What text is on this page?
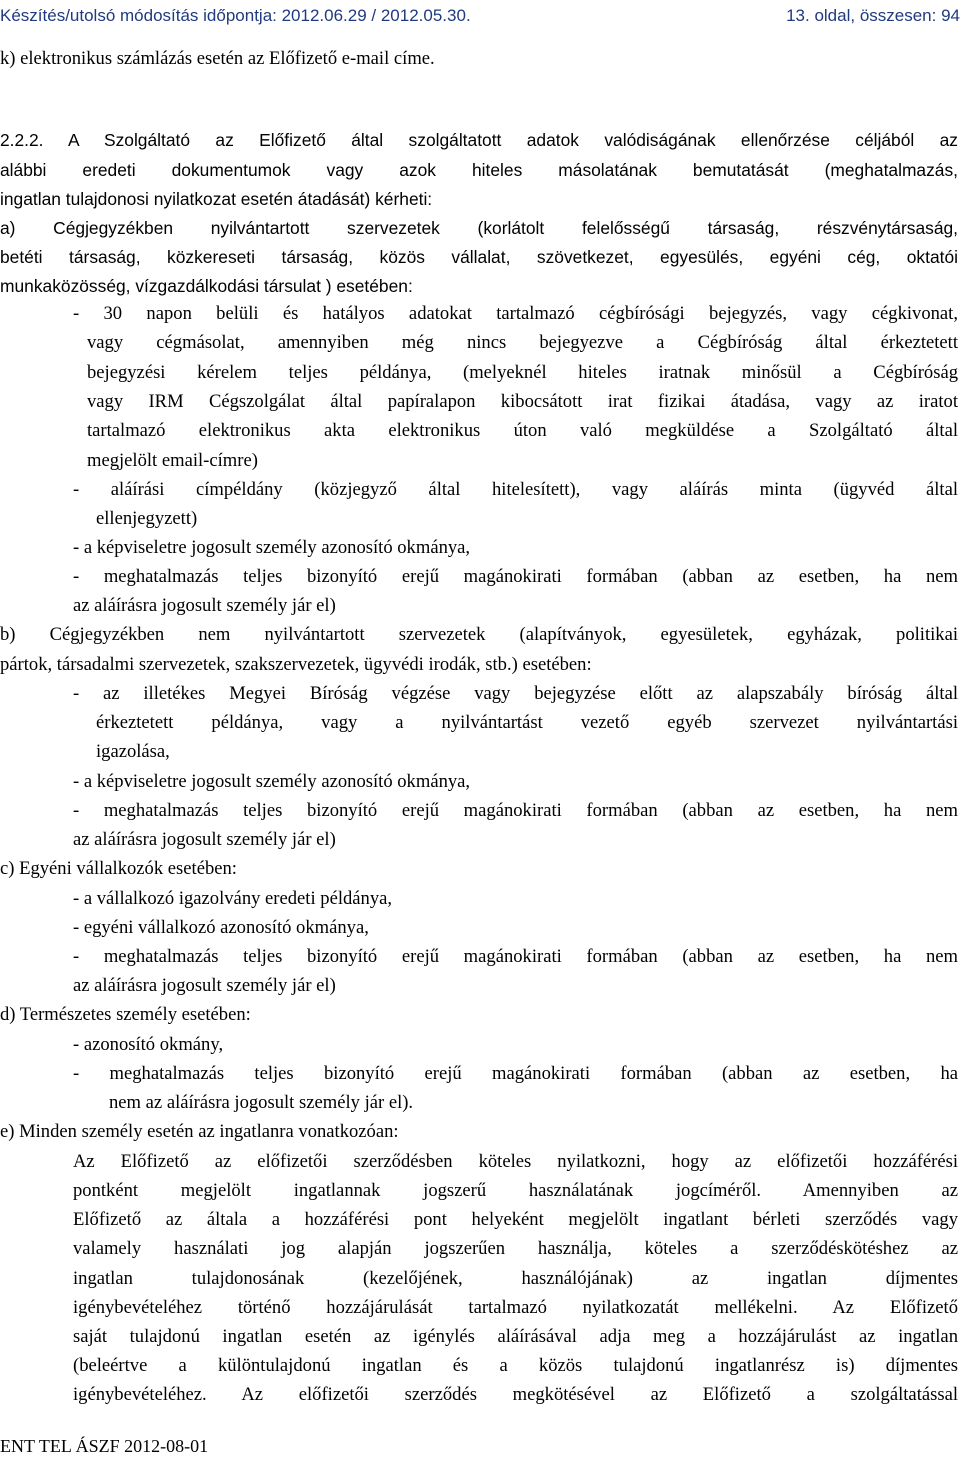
Készítés/utolsó módosítás időpontja: 2012.06.29 / 2012.05.30.	13. oldal, összesen: 94
k) elektronikus számlázás esetén az Előfizető e-mail címe.
2.2.2. A Szolgáltató az Előfizető által szolgáltatott adatok valódiságának ellenőrzése céljából az
alábbi eredeti dokumentumok vagy azok hiteles másolatának bemutatását (meghatalmazás,
ingatlan tulajdonosi nyilatkozat esetén átadását) kérheti:
a) Cégjegyzékben nyilvántartott szervezetek (korlátolt felelősségű társaság, részvénytársaság,
betéti társaság, közkereseti társaság, közös vállalat, szövetkezet, egyesülés, egyéni cég, oktatói
munkaközösség, vízgazdálkodási társulat ) esetében:
- 30 napon belüli és hatályos adatokat tartalmazó cégbírósági bejegyzés, vagy cégkivonat,
vagy cégmásolat, amennyiben még nincs bejegyezve a Cégbíróság által érkeztetett
bejegyzési kérelem teljes példánya, (melyeknél hiteles iratnak minősül a Cégbíróság
vagy IRM Cégszolgálat által papíralapon kibocsátott irat fizikai átadása, vagy az iratot
tartalmazó elektronikus akta elektronikus úton való megküldése a Szolgáltató által
megjelölt email-címre)
- aláírási címpéldány (közjegyző által hitelesített), vagy aláírás minta (ügyvéd által
ellenjegyzett)
- a képviseletre jogosult személy azonosító okmánya,
- meghatalmazás teljes bizonyító erejű magánokirati formában (abban az esetben, ha nem
az aláírásra jogosult személy jár el)
b) Cégjegyzékben nem nyilvántartott szervezetek (alapítványok, egyesületek, egyházak, politikai
pártok, társadalmi szervezetek, szakszervezetek, ügyvédi irodák, stb.) esetében:
- az illetékes Megyei Bíróság végzése vagy bejegyzése előtt az alapszabály bíróság által
érkeztetett példánya, vagy a nyilvántartást vezető egyéb szervezet nyilvántartási
igazolása,
- a képviseletre jogosult személy azonosító okmánya,
- meghatalmazás teljes bizonyító erejű magánokirati formában (abban az esetben, ha nem
az aláírásra jogosult személy jár el)
c) Egyéni vállalkozók esetében:
- a vállalkozó igazolvány eredeti példánya,
- egyéni vállalkozó azonosító okmánya,
- meghatalmazás teljes bizonyító erejű magánokirati formában (abban az esetben, ha nem
az aláírásra jogosult személy jár el)
d) Természetes személy esetében:
- azonosító okmány,
- meghatalmazás teljes bizonyító erejű magánokirati formában (abban az esetben, ha
nem az aláírásra jogosult személy jár el).
e) Minden személy esetén az ingatlanra vonatkozóan:
Az Előfizető az előfizetői szerződésben köteles nyilatkozni, hogy az előfizetői hozzáférési
pontként megjelölt ingatlannak jogszerű használatának jogcíméről. Amennyiben az
Előfizető az általa a hozzáférési pont helyeként megjelölt ingatlant bérleti szerződés vagy
valamely használati jog alapján jogszerűen használja, köteles a szerződéskötéshez az
ingatlan tulajdonosának (kezelőjének, használójának) az ingatlan díjmentes
igénybevételéhez történő hozzájárulását tartalmazó nyilatkozatát mellékelni. Az Előfizető
saját tulajdonú ingatlan esetén az igénylés aláírásával adja meg a hozzájárulást az ingatlan
(beleértve a különtulajdonú ingatlan és a közös tulajdonú ingatlanrész is) díjmentes
igénybevételéhez. Az előfizetői szerződés megkötésével az Előfizető a szolgáltatással
ENT TEL ÁSZF 2012-08-01
